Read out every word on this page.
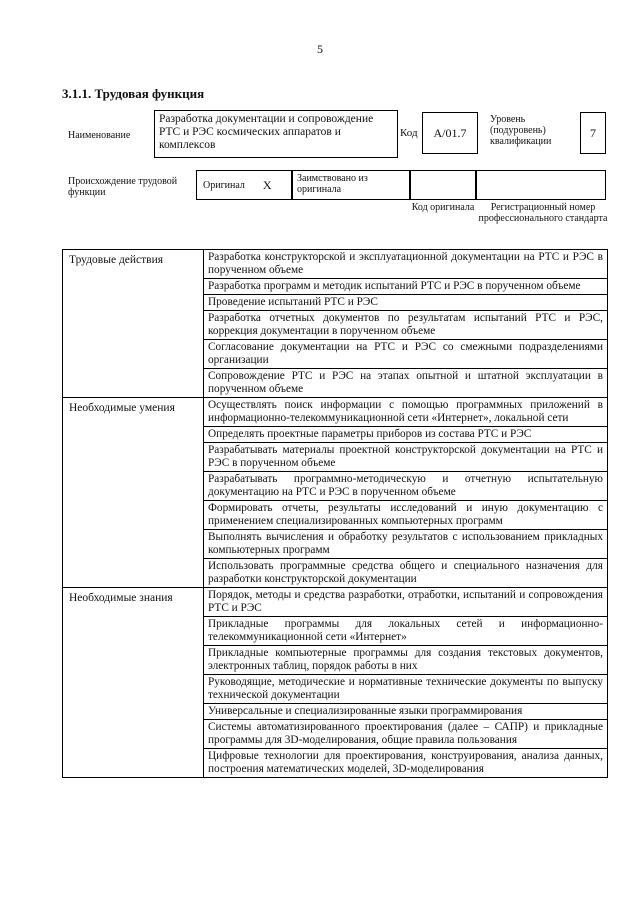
5
3.1.1. Трудовая функция
Наименование
Разработка документации и сопровождение РТС и РЭС космических аппаратов и комплексов
Код	А/01.7
Уровень (подуровень) квалификации
7
Происхождение трудовой функции
Оригинал X	Заимствовано из оригинала
Код оригинала	Регистрационный номер профессионального стандарта
Трудовые действия	Разработка конструкторской и эксплуатационной документации на РТС и РЭС в порученном объеме
	Разработка программ и методик испытаний РТС и РЭС в порученном объеме
	Проведение испытаний РТС и РЭС
	Разработка отчетных документов по результатам испытаний РТС и РЭС, коррекция документации в порученном объеме
	Согласование документации на РТС и РЭС со смежными подразделениями организации
	Сопровождение РТС и РЭС на этапах опытной и штатной эксплуатации в порученном объеме
Необходимые умения	Осуществлять поиск информации с помощью программных приложений в информационно-телекоммуникационной сети «Интернет», локальной сети
	Определять проектные параметры приборов из состава РТС и РЭС
	Разрабатывать материалы проектной конструкторской документации на РТС и РЭС в порученном объеме
	Разрабатывать программно-методическую и отчетную испытательную документацию на РТС и РЭС в порученном объеме
	Формировать отчеты, результаты исследований и иную документацию с применением специализированных компьютерных программ
	Выполнять вычисления и обработку результатов с использованием прикладных компьютерных программ
	Использовать программные средства общего и специального назначения для разработки конструкторской документации
Необходимые знания	Порядок, методы и средства разработки, отработки, испытаний и сопровождения РТС и РЭС
	Прикладные программы для локальных сетей и информационно-телекоммуникационной сети «Интернет»
	Прикладные компьютерные программы для создания текстовых документов, электронных таблиц, порядок работы в них
	Руководящие, методические и нормативные технические документы по выпуску технической документации
	Универсальные и специализированные языки программирования
	Системы автоматизированного проектирования (далее – САПР) и прикладные программы для 3D-моделирования, общие правила пользования
	Цифровые технологии для проектирования, конструирования, анализа данных, построения математических моделей, 3D-моделирования
